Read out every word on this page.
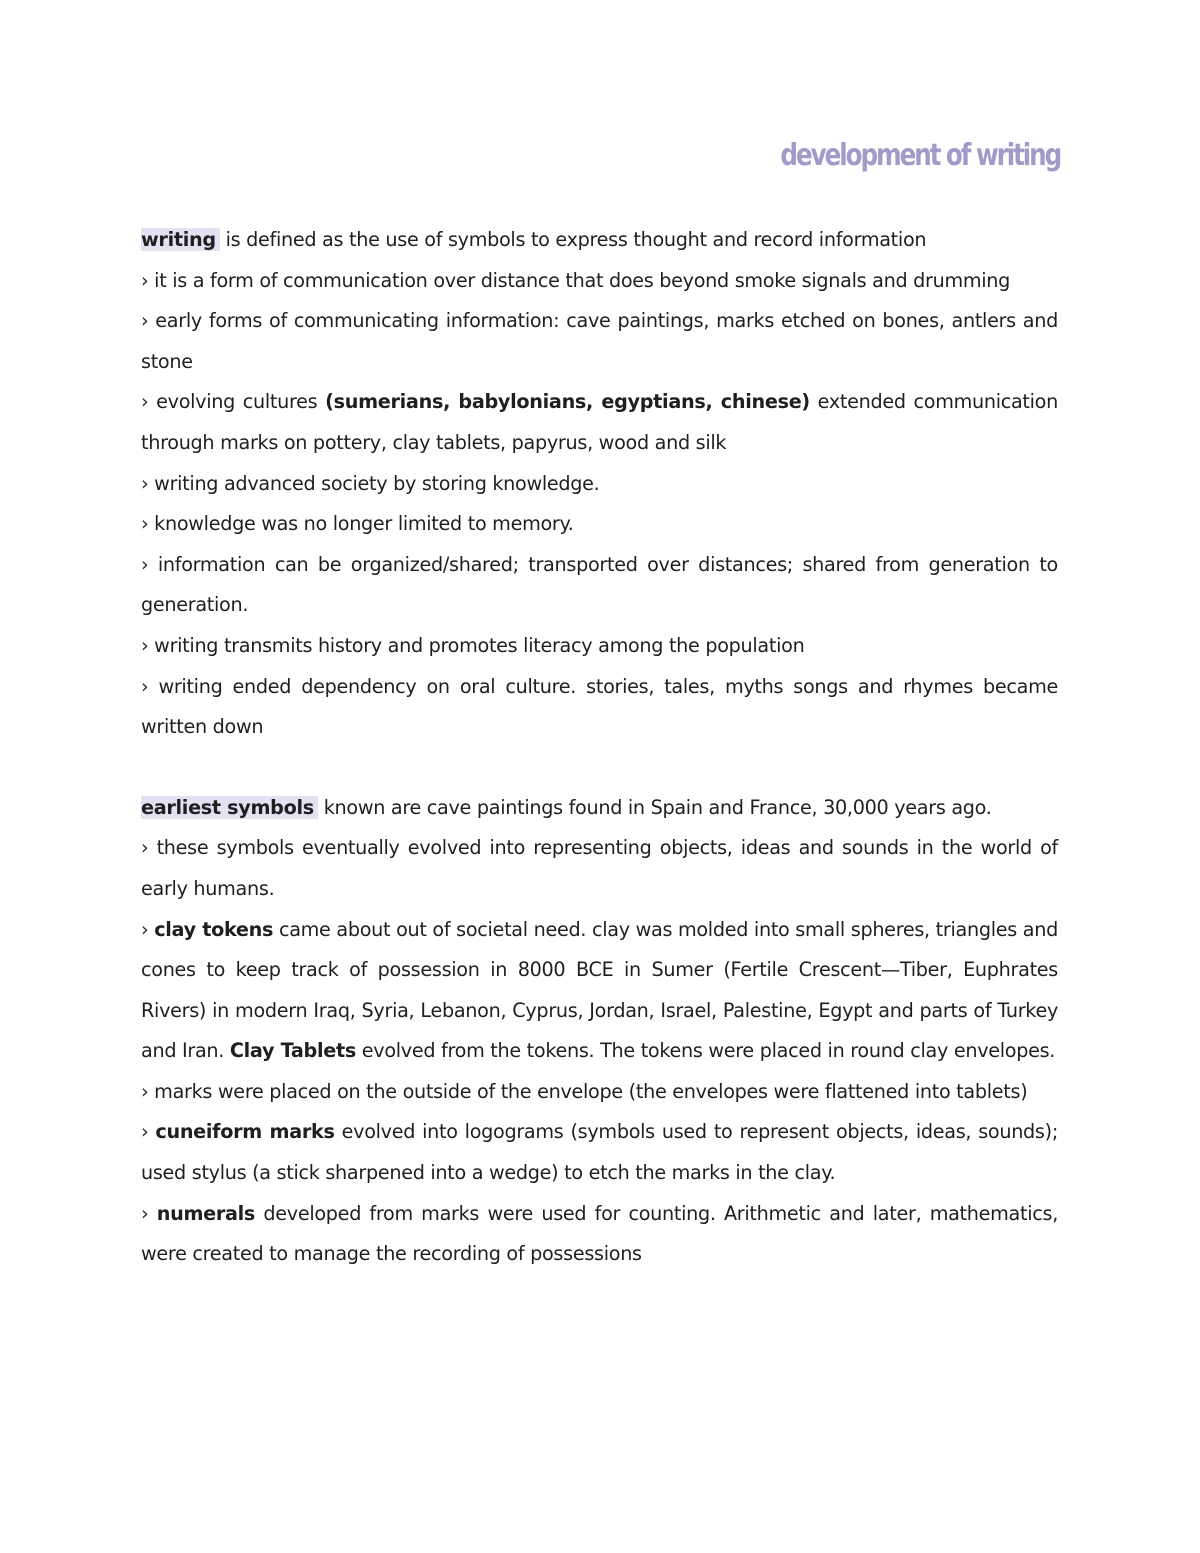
development of writing

writing is defined as the use of symbols to express thought and record information

› it is a form of communication over distance that does beyond smoke signals and drumming

› early forms of communicating information: cave paintings, marks etched on bones, antlers and stone

› evolving cultures (sumerians, babylonians, egyptians, chinese) extended communication through marks on pottery, clay tablets, papyrus, wood and silk

› writing advanced society by storing knowledge.

› knowledge was no longer limited to memory.

› information can be organized/shared; transported over distances; shared from generation to generation.

› writing transmits history and promotes literacy among the population

› writing ended dependency on oral culture. stories, tales, myths songs and rhymes became written down

earliest symbols known are cave paintings found in Spain and France, 30,000 years ago.

› these symbols eventually evolved into representing objects, ideas and sounds in the world of early humans.

› clay tokens came about out of societal need. clay was molded into small spheres, triangles and cones to keep track of possession in 8000 BCE in Sumer (Fertile Crescent—Tiber, Euphrates Rivers) in modern Iraq, Syria, Lebanon, Cyprus, Jordan, Israel, Palestine, Egypt and parts of Turkey and Iran. Clay Tablets evolved from the tokens. The tokens were placed in round clay envelopes.

› marks were placed on the outside of the envelope (the envelopes were flattened into tablets)

› cuneiform marks evolved into logograms (symbols used to represent objects, ideas, sounds); used stylus (a stick sharpened into a wedge) to etch the marks in the clay.

› numerals developed from marks were used for counting. Arithmetic and later, mathematics, were created to manage the recording of possessions
